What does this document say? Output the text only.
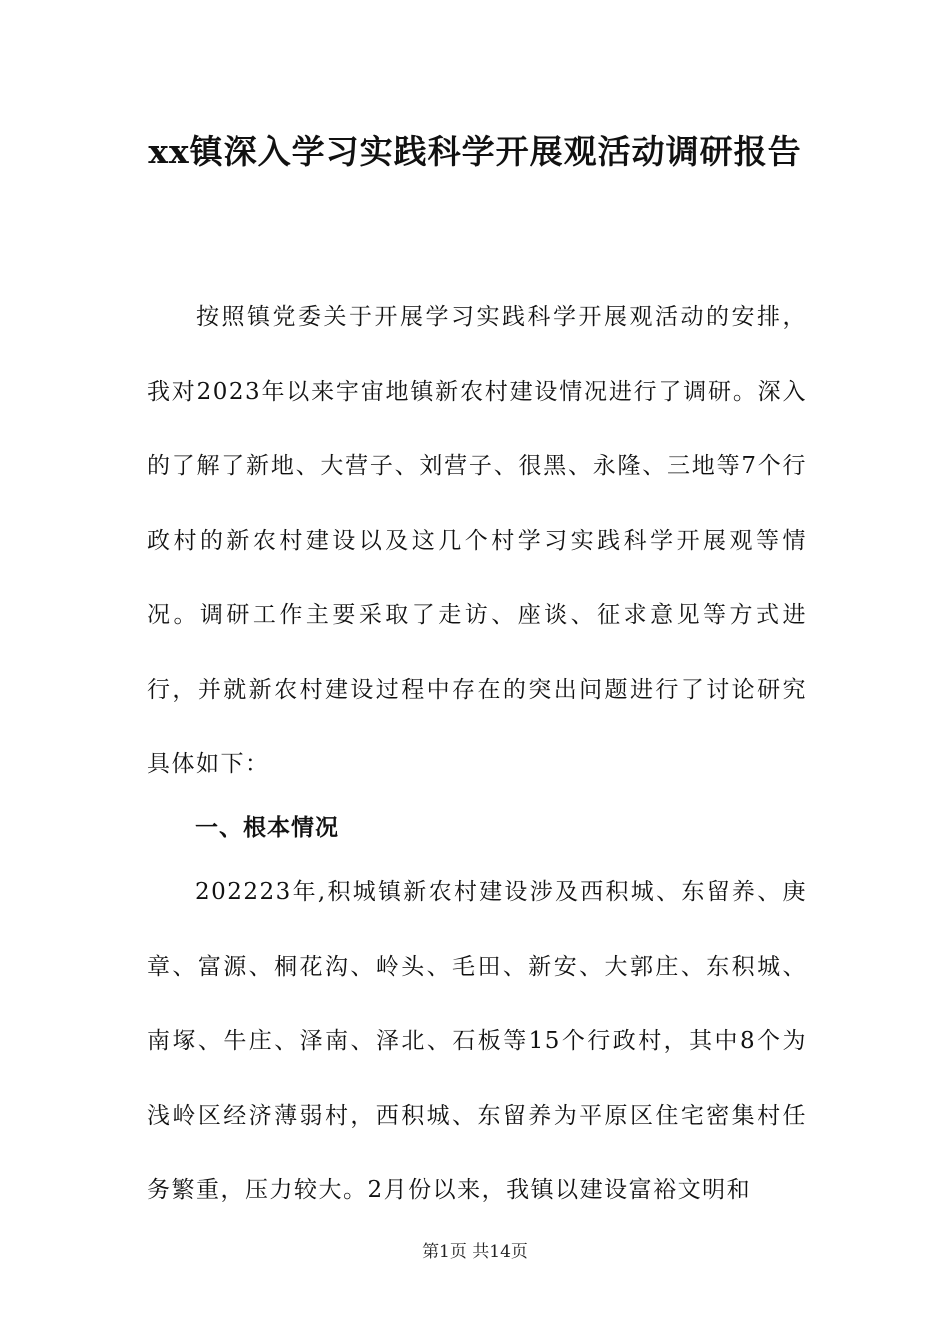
xx镇深入学习实践科学开展观活动调研报告
按照镇党委关于开展学习实践科学开展观活动的安排，我对2023年以来宇宙地镇新农村建设情况进行了调研。深入的了解了新地、大营子、刘营子、很黑、永隆、三地等7个行政村的新农村建设以及这几个村学习实践科学开展观等情况。调研工作主要采取了走访、座谈、征求意见等方式进行，并就新农村建设过程中存在的突出问题进行了讨论研究具体如下：
一、根本情况
202223年,积城镇新农村建设涉及西积城、东留养、庚章、富源、桐花沟、岭头、毛田、新安、大郭庄、东积城、南塚、牛庄、泽南、泽北、石板等15个行政村，其中8个为浅岭区经济薄弱村，西积城、东留养为平原区住宅密集村任务繁重，压力较大。2月份以来，我镇以建设富裕文明和
第1页 共14页
